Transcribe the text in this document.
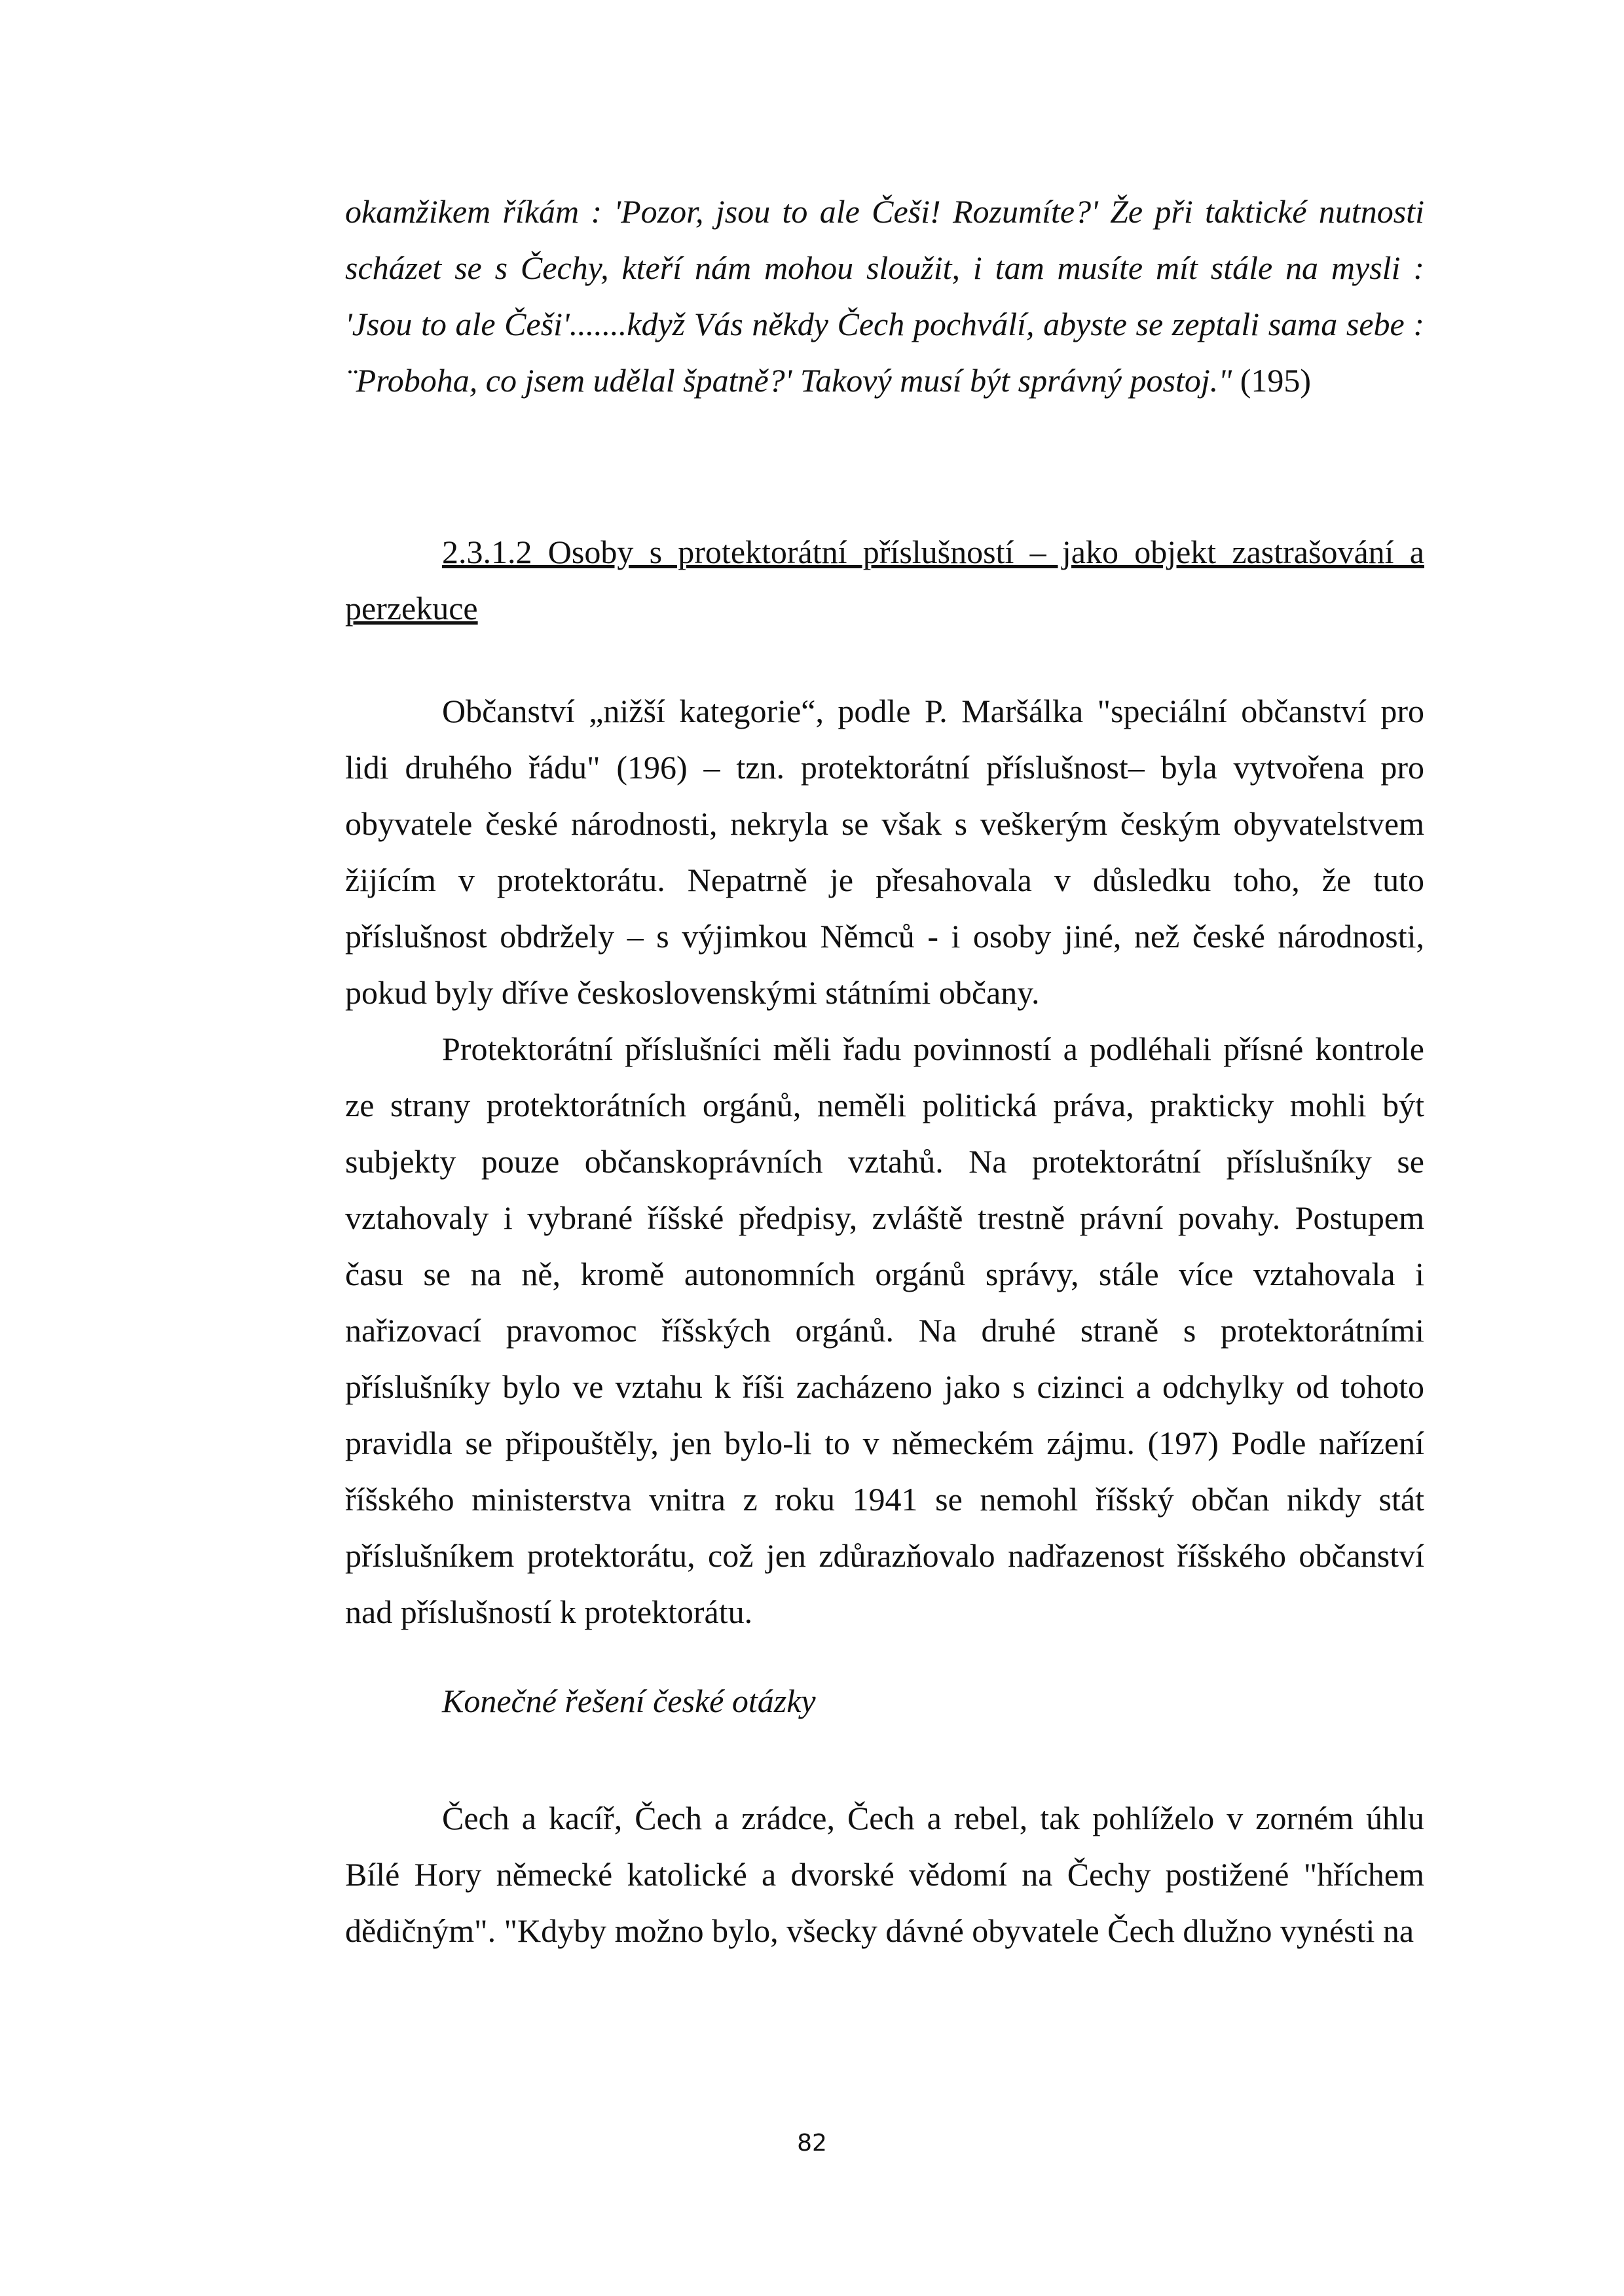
okamžikem říkám : 'Pozor, jsou to ale Češi! Rozumíte?' Že při taktické nutnosti scházet se s Čechy, kteří nám mohou sloužit, i tam musíte mít stále na mysli : 'Jsou to ale Češi'.......když Vás někdy Čech pochválí, abyste se zeptali sama sebe : ¨Proboha, co jsem udělal špatně?' Takový musí být správný postoj." (195)

2.3.1.2 Osoby s protektorátní příslušností – jako objekt zastrašování a perzekuce

Občanství „nižší kategorie“, podle P. Maršálka "speciální občanství pro lidi druhého řádu" (196) – tzn. protektorátní příslušnost– byla vytvořena pro obyvatele české národnosti, nekryla se však s veškerým českým obyvatelstvem žijícím v protektorátu. Nepatrně je přesahovala v důsledku toho, že tuto příslušnost obdržely – s výjimkou Němců - i osoby jiné, než české národnosti, pokud byly dříve československými státními občany.

Protektorátní příslušníci měli řadu povinností a podléhali přísné kontrole ze strany protektorátních orgánů, neměli politická práva, prakticky mohli být subjekty pouze občanskoprávních vztahů. Na protektorátní příslušníky se vztahovaly i vybrané říšské předpisy, zvláště trestně právní povahy. Postupem času se na ně, kromě autonomních orgánů správy, stále více vztahovala i nařizovací pravomoc říšských orgánů. Na druhé straně s protektorátními příslušníky bylo ve vztahu k říši zacházeno jako s cizinci a odchylky od tohoto pravidla se připouštěly, jen bylo-li to v německém zájmu. (197) Podle nařízení říšského ministerstva vnitra z roku 1941 se nemohl říšský občan nikdy stát příslušníkem protektorátu, což jen zdůrazňovalo nadřazenost říšského občanství nad příslušností k protektorátu.

Konečné řešení české otázky

Čech a kacíř, Čech a zrádce, Čech a rebel, tak pohlíželo v zorném úhlu Bílé Hory německé katolické a dvorské vědomí na Čechy postižené "hříchem dědičným". "Kdyby možno bylo, všecky dávné obyvatele Čech dlužno vynésti na

82
